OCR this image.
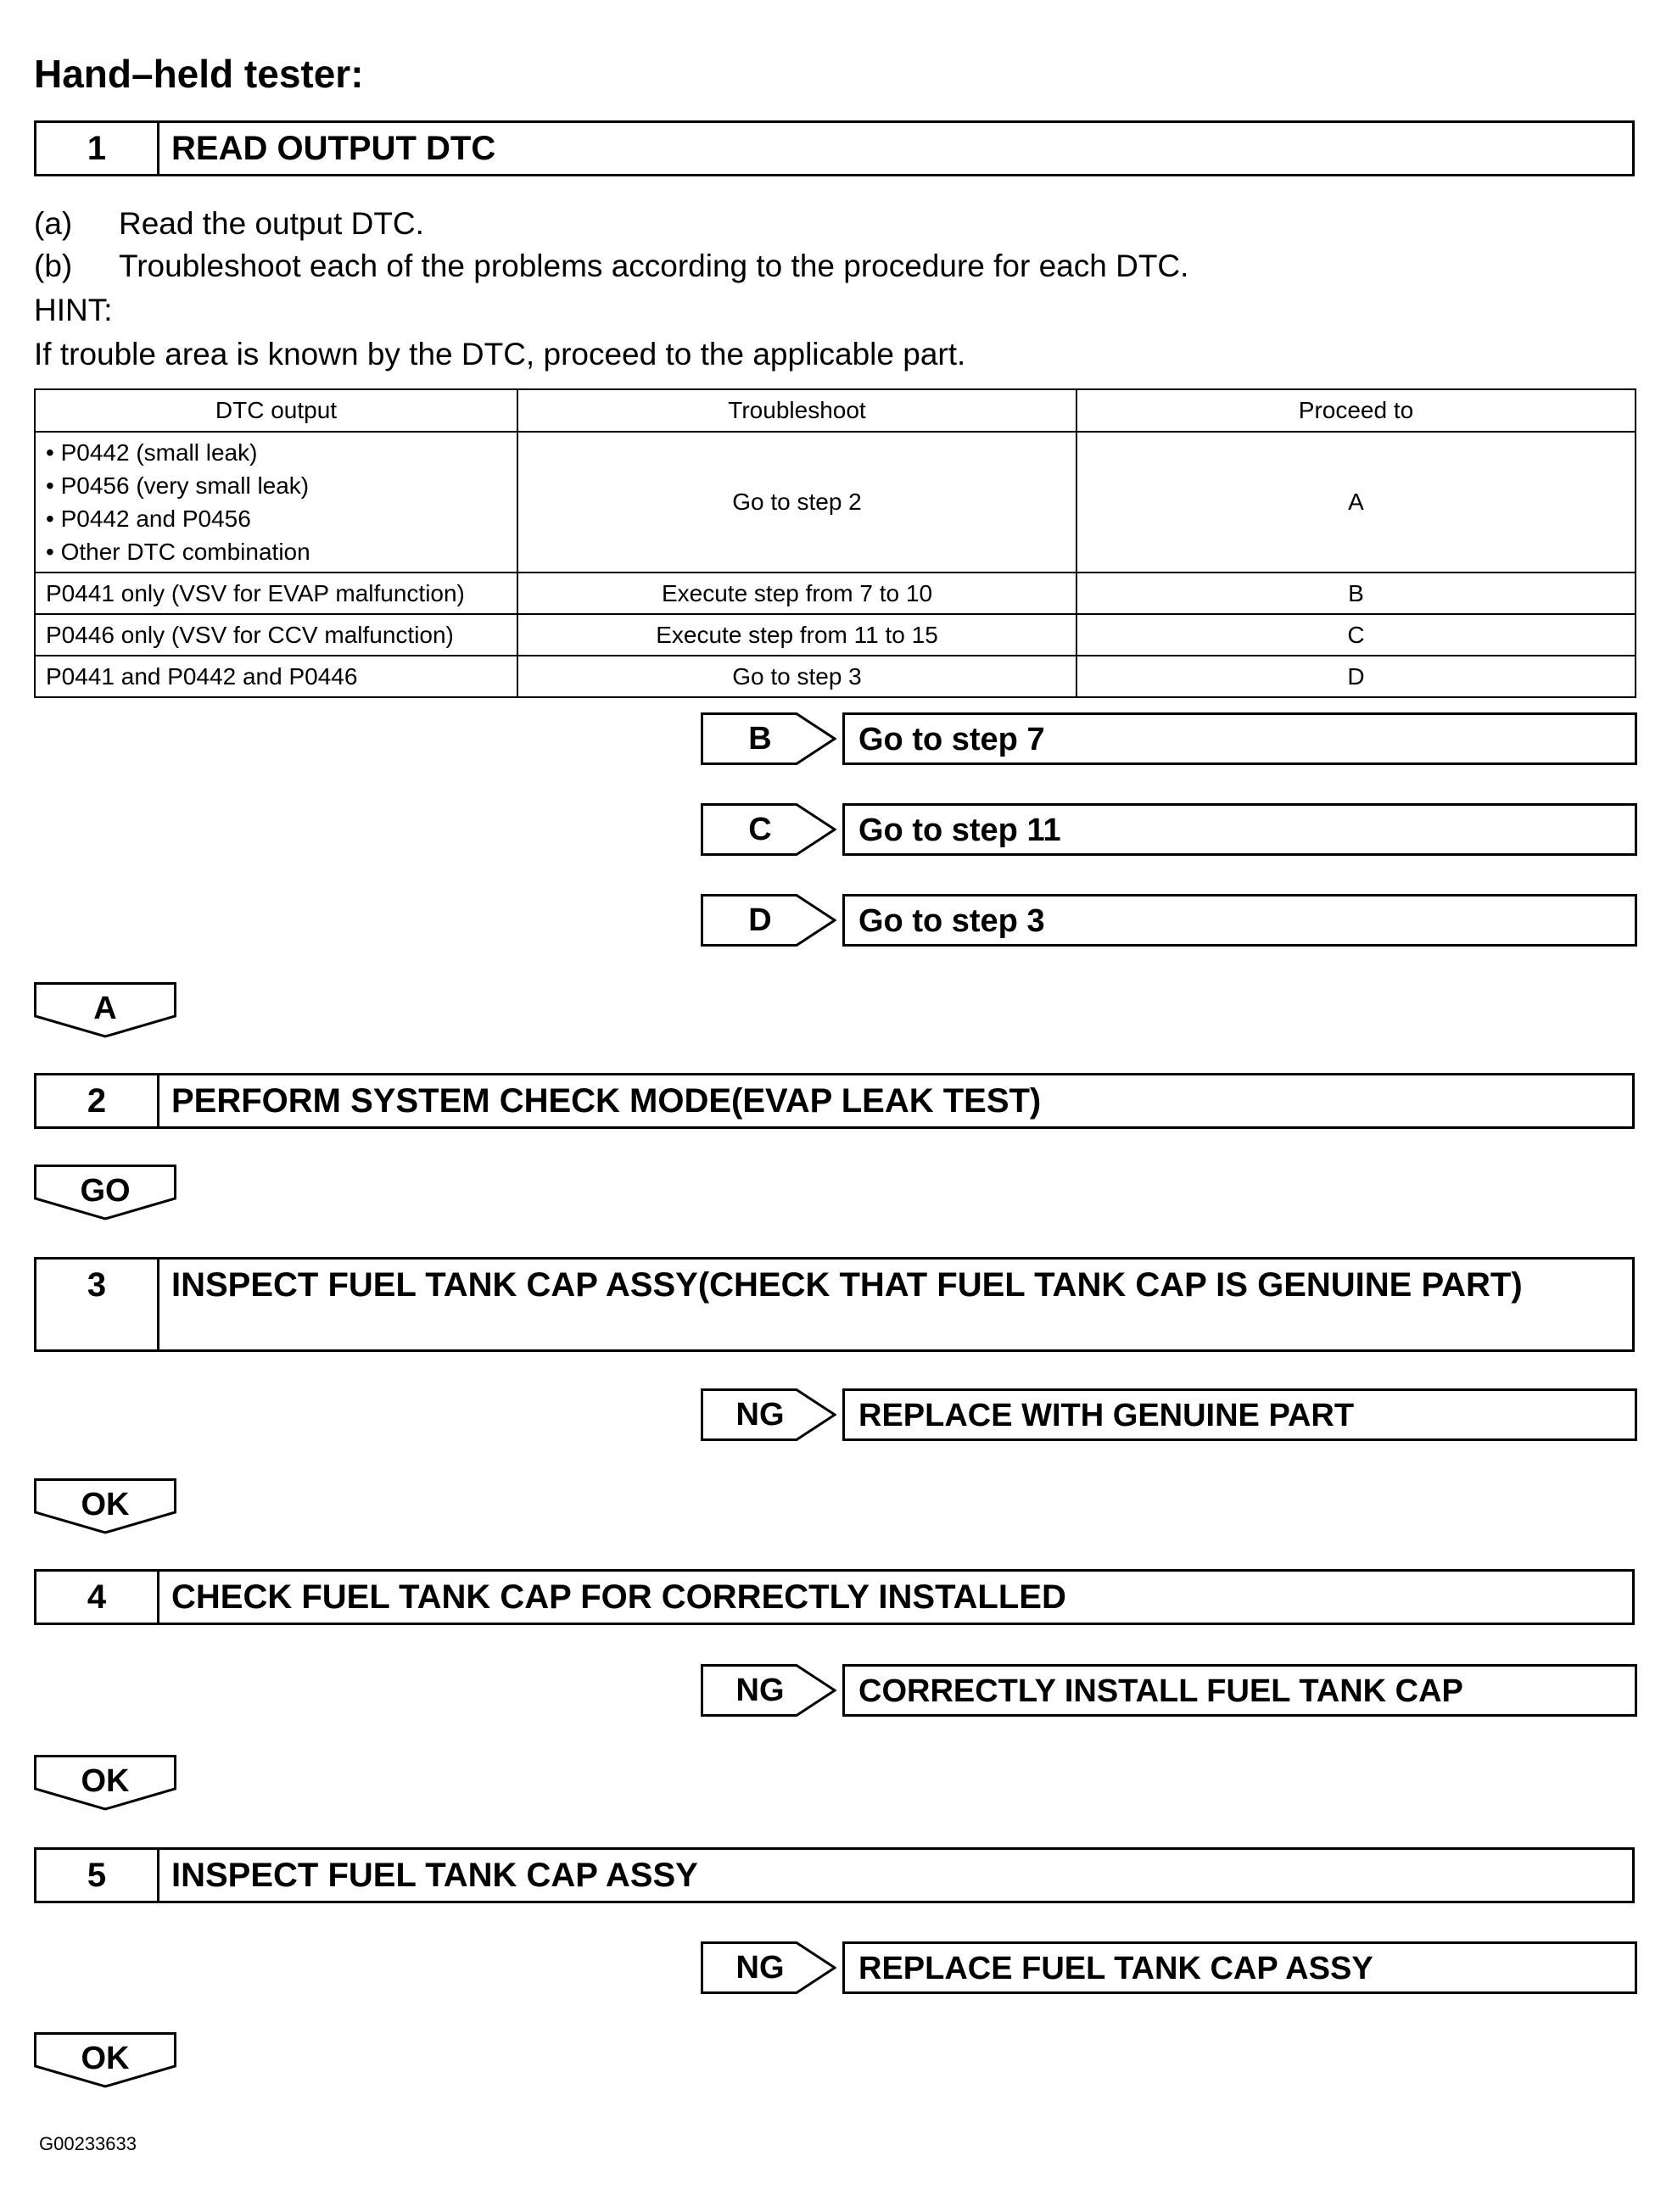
Hand–held tester:
1	READ OUTPUT DTC
(a) Read the output DTC.
(b) Troubleshoot each of the problems according to the procedure for each DTC.
HINT:
If trouble area is known by the DTC, proceed to the applicable part.
DTC output	Troubleshoot	Proceed to

• P0442 (small leak)
• P0456 (very small leak)
• P0442 and P0456
• Other DTC combination	Go to step 2	A
P0441 only (VSV for EVAP malfunction)	Execute step from 7 to 10	B
P0446 only (VSV for CCV malfunction)	Execute step from 11 to 15	C
P0441 and P0442 and P0446	Go to step 3	D
B	Go to step 7
C	Go to step 11
D	Go to step 3
A
2	PERFORM SYSTEM CHECK MODE(EVAP LEAK TEST)
GO
3	INSPECT FUEL TANK CAP ASSY(CHECK THAT FUEL TANK CAP IS GENUINE PART)
NG	REPLACE WITH GENUINE PART
OK
4	CHECK FUEL TANK CAP FOR CORRECTLY INSTALLED
NG	CORRECTLY INSTALL FUEL TANK CAP
OK
5	INSPECT FUEL TANK CAP ASSY
NG	REPLACE FUEL TANK CAP ASSY
OK
G00233633
